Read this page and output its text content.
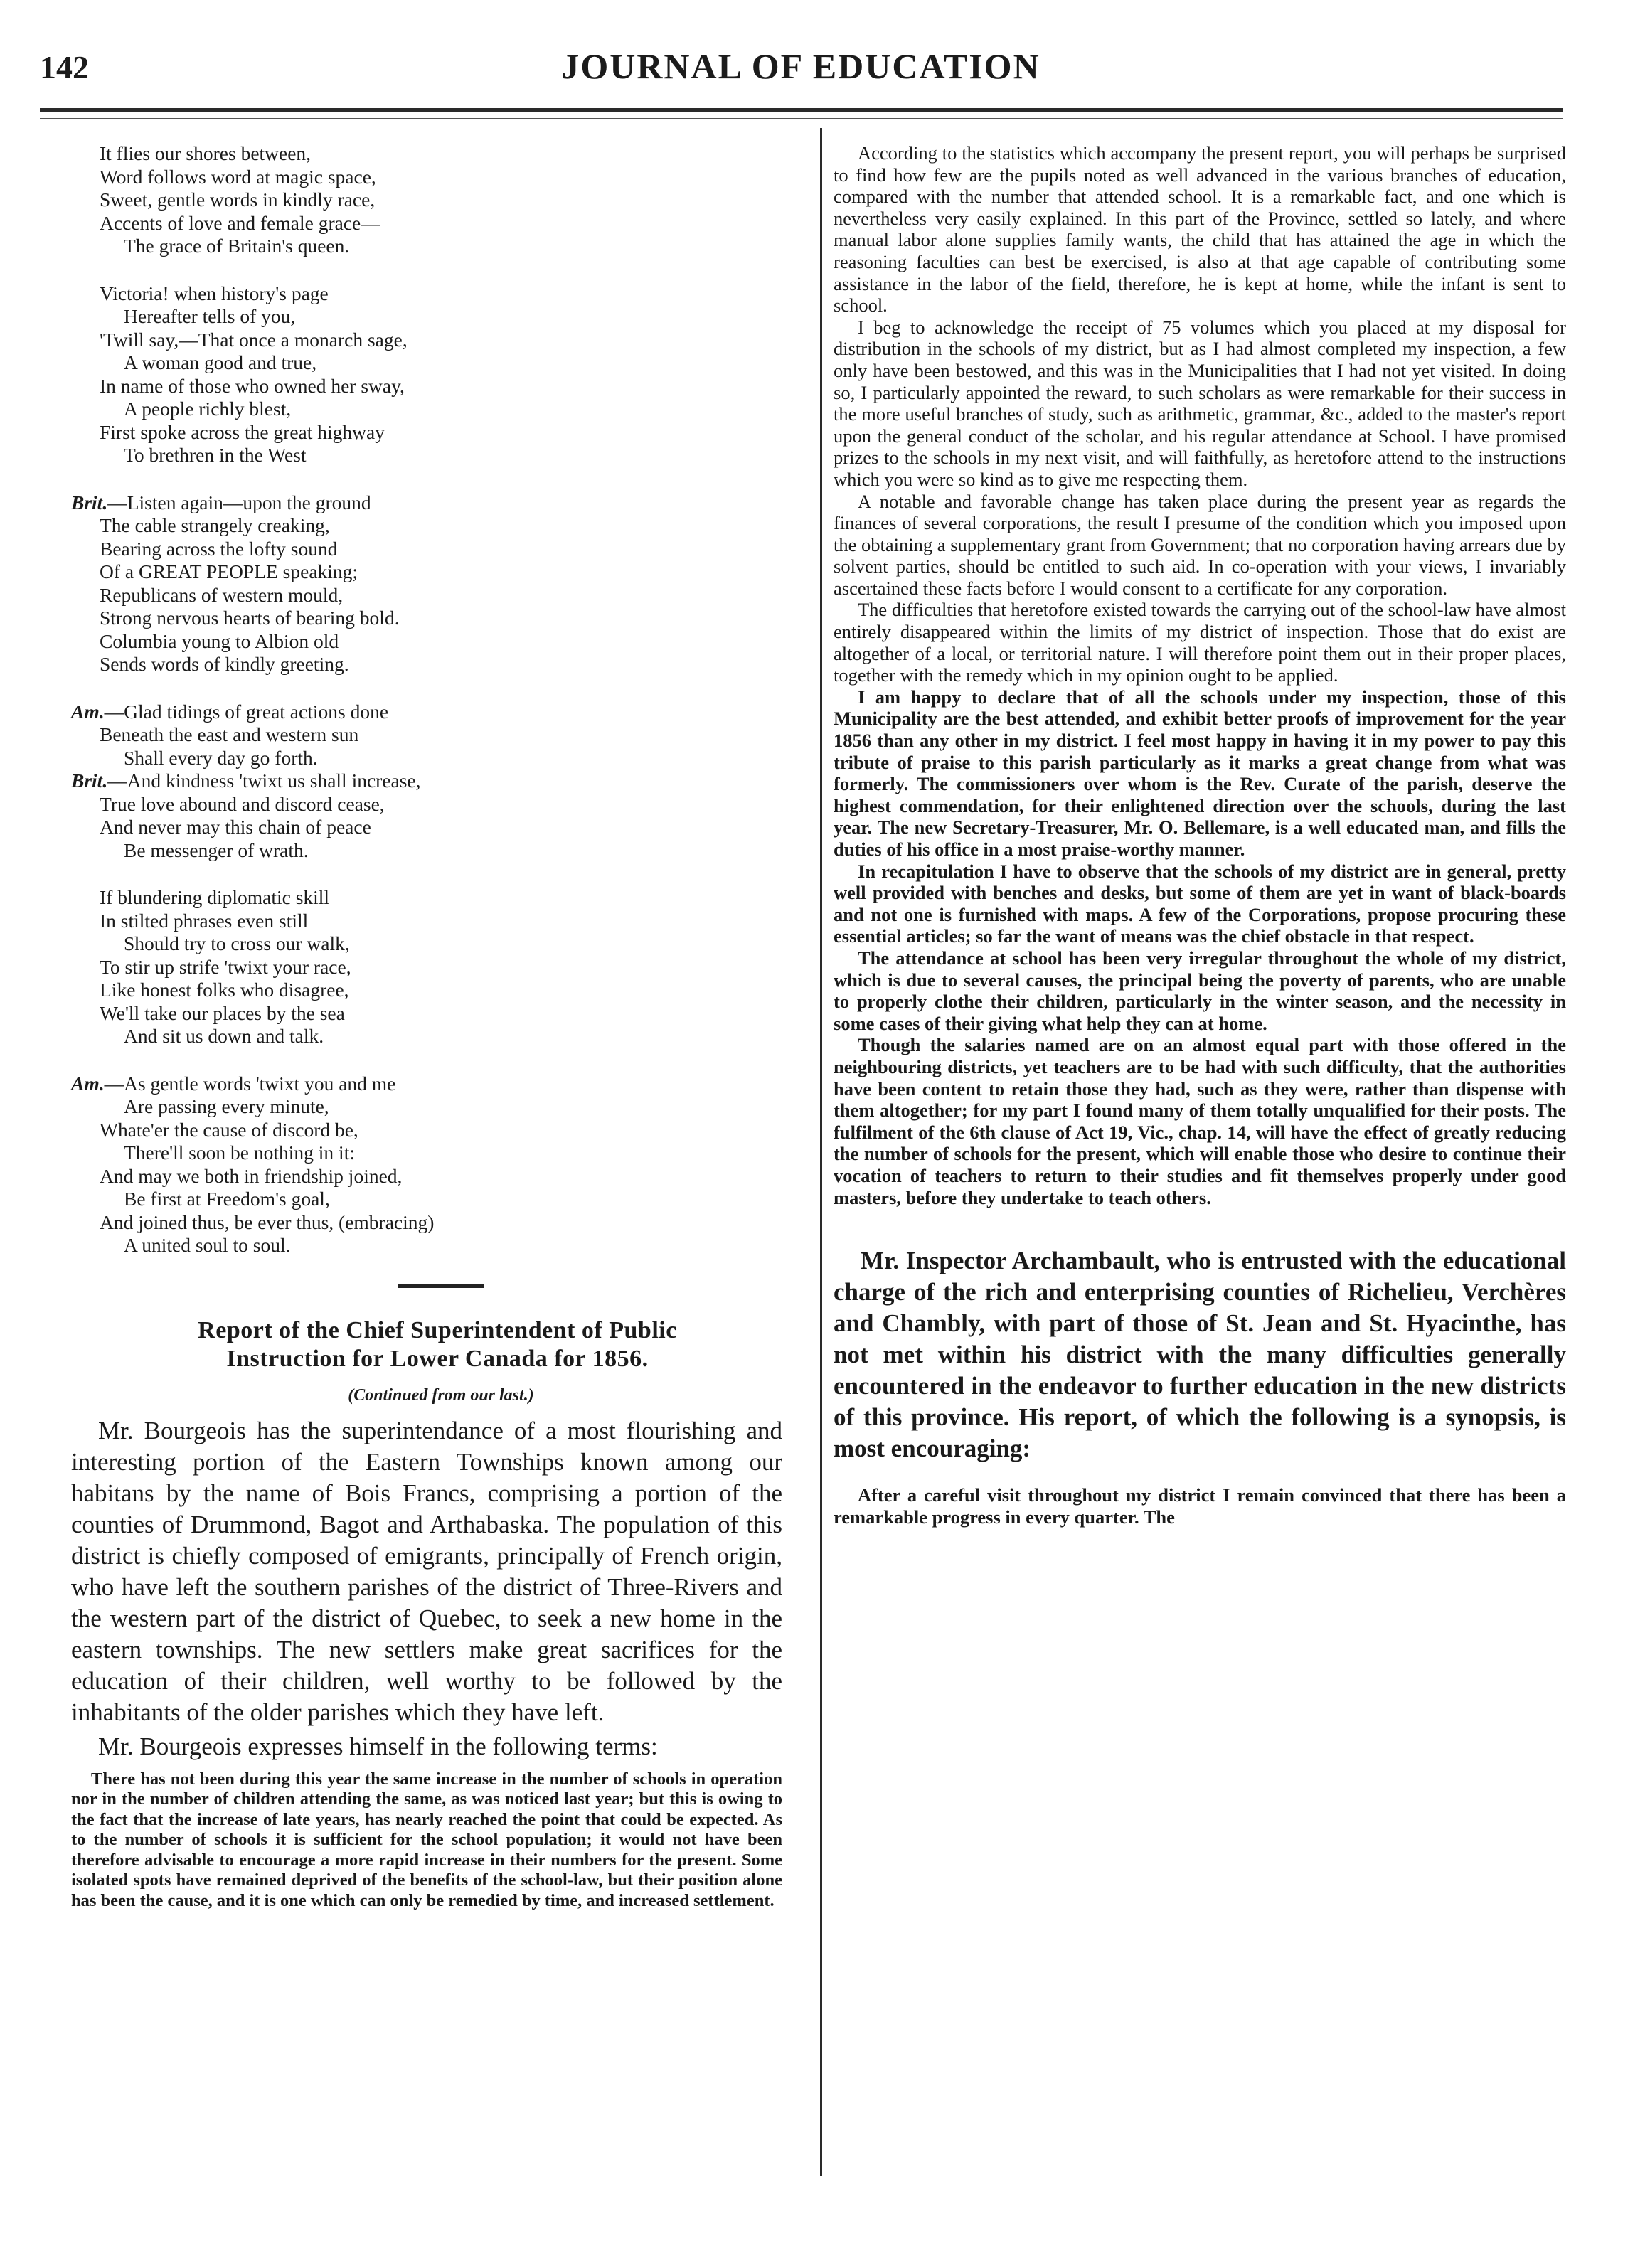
142	JOURNAL OF EDUCATION
It flies our shores between,
Word follows word at magic space,
Sweet, gentle words in kindly race,
Accents of love and female grace—
The grace of Britain's queen.
Victoria! when history's page
Hereafter tells of you,
'Twill say,—That once a monarch sage,
A woman good and true,
In name of those who owned her sway,
A people richly blest,
First spoke across the great highway
To brethren in the West
Brit.—Listen again—upon the ground
The cable strangely creaking,
Bearing across the lofty sound
Of a GREAT PEOPLE speaking;
Republicans of western mould,
Strong nervous hearts of bearing bold.
Columbia young to Albion old
Sends words of kindly greeting.
Am.—Glad tidings of great actions done
Beneath the east and western sun
Shall every day go forth.
Brit.—And kindness 'twixt us shall increase,
True love abound and discord cease,
And never may this chain of peace
Be messenger of wrath.
If blundering diplomatic skill
In stilted phrases even still
Should try to cross our walk,
To stir up strife 'twixt your race,
Like honest folks who disagree,
We'll take our places by the sea
And sit us down and talk.
Am.—As gentle words 'twixt you and me
Are passing every minute,
Whate'er the cause of discord be,
There'll soon be nothing in it:
And may we both in friendship joined,
Be first at Freedom's goal,
And joined thus, be ever thus, (embracing)
A united soul to soul.
Report of the Chief Superintendent of Public
Instruction for Lower Canada for 1856.
(Continued from our last.)

Mr. Bourgeois has the superintendance of a most flourishing and interesting portion of the Eastern Townships known among our habitans by the name of Bois Francs, comprising a portion of the counties of Drummond, Bagot and Arthabaska. The population of this district is chiefly composed of emigrants, principally of French origin, who have left the southern parishes of the district of Three-Rivers and the western part of the district of Quebec, to seek a new home in the eastern townships. The new settlers make great sacrifices for the education of their children, well worthy to be followed by the inhabitants of the older parishes which they have left.

Mr. Bourgeois expresses himself in the following terms:

There has not been during this year the same increase in the number of schools in operation nor in the number of children attending the same, as was noticed last year; but this is owing to the fact that the increase of late years, has nearly reached the point that could be expected. As to the number of schools it is sufficient for the school population; it would not have been therefore advisable to encourage a more rapid increase in their numbers for the present. Some isolated spots have remained deprived of the benefits of the school-law, but their position alone has been the cause, and it is one which can only be remedied by time, and increased settlement.

According to the statistics which accompany the present report, you will perhaps be surprised to find how few are the pupils noted as well advanced in the various branches of education, compared with the number that attended school. It is a remarkable fact, and one which is nevertheless very easily explained. In this part of the Province, settled so lately, and where manual labor alone supplies family wants, the child that has attained the age in which the reasoning faculties can best be exercised, is also at that age capable of contributing some assistance in the labor of the field, therefore, he is kept at home, while the infant is sent to school.

I beg to acknowledge the receipt of 75 volumes which you placed at my disposal for distribution in the schools of my district, but as I had almost completed my inspection, a few only have been bestowed, and this was in the Municipalities that I had not yet visited. In doing so, I particularly appointed the reward, to such scholars as were remarkable for their success in the more useful branches of study, such as arithmetic, grammar, &c., added to the master's report upon the general conduct of the scholar, and his regular attendance at School. I have promised prizes to the schools in my next visit, and will faithfully, as heretofore attend to the instructions which you were so kind as to give me respecting them.

A notable and favorable change has taken place during the present year as regards the finances of several corporations, the result I presume of the condition which you imposed upon the obtaining a supplementary grant from Government; that no corporation having arrears due by solvent parties, should be entitled to such aid. In co-operation with your views, I invariably ascertained these facts before I would consent to a certificate for any corporation.

The difficulties that heretofore existed towards the carrying out of the school-law have almost entirely disappeared within the limits of my district of inspection. Those that do exist are altogether of a local, or territorial nature. I will therefore point them out in their proper places, together with the remedy which in my opinion ought to be applied.

I am happy to declare that of all the schools under my inspection, those of this Municipality are the best attended, and exhibit better proofs of improvement for the year 1856 than any other in my district. I feel most happy in having it in my power to pay this tribute of praise to this parish particularly as it marks a great change from what was formerly. The commissioners over whom is the Rev. Curate of the parish, deserve the highest commendation, for their enlightened direction over the schools, during the last year. The new Secretary-Treasurer, Mr. O. Bellemare, is a well educated man, and fills the duties of his office in a most praise-worthy manner.

In recapitulation I have to observe that the schools of my district are in general, pretty well provided with benches and desks, but some of them are yet in want of black-boards and not one is furnished with maps. A few of the Corporations, propose procuring these essential articles; so far the want of means was the chief obstacle in that respect.

The attendance at school has been very irregular throughout the whole of my district, which is due to several causes, the principal being the poverty of parents, who are unable to properly clothe their children, particularly in the winter season, and the necessity in some cases of their giving what help they can at home.

Though the salaries named are on an almost equal part with those offered in the neighbouring districts, yet teachers are to be had with such difficulty, that the authorities have been content to retain those they had, such as they were, rather than dispense with them altogether; for my part I found many of them totally unqualified for their posts. The fulfilment of the 6th clause of Act 19, Vic., chap. 14, will have the effect of greatly reducing the number of schools for the present, which will enable those who desire to continue their vocation of teachers to return to their studies and fit themselves properly under good masters, before they undertake to teach others.

Mr. Inspector Archambault, who is entrusted with the educational charge of the rich and enterprising counties of Richelieu, Verchères and Chambly, with part of those of St. Jean and St. Hyacinthe, has not met within his district with the many difficulties generally encountered in the endeavor to further education in the new districts of this province. His report, of which the following is a synopsis, is most encouraging:

After a careful visit throughout my district I remain convinced that there has been a remarkable progress in every quarter. The
